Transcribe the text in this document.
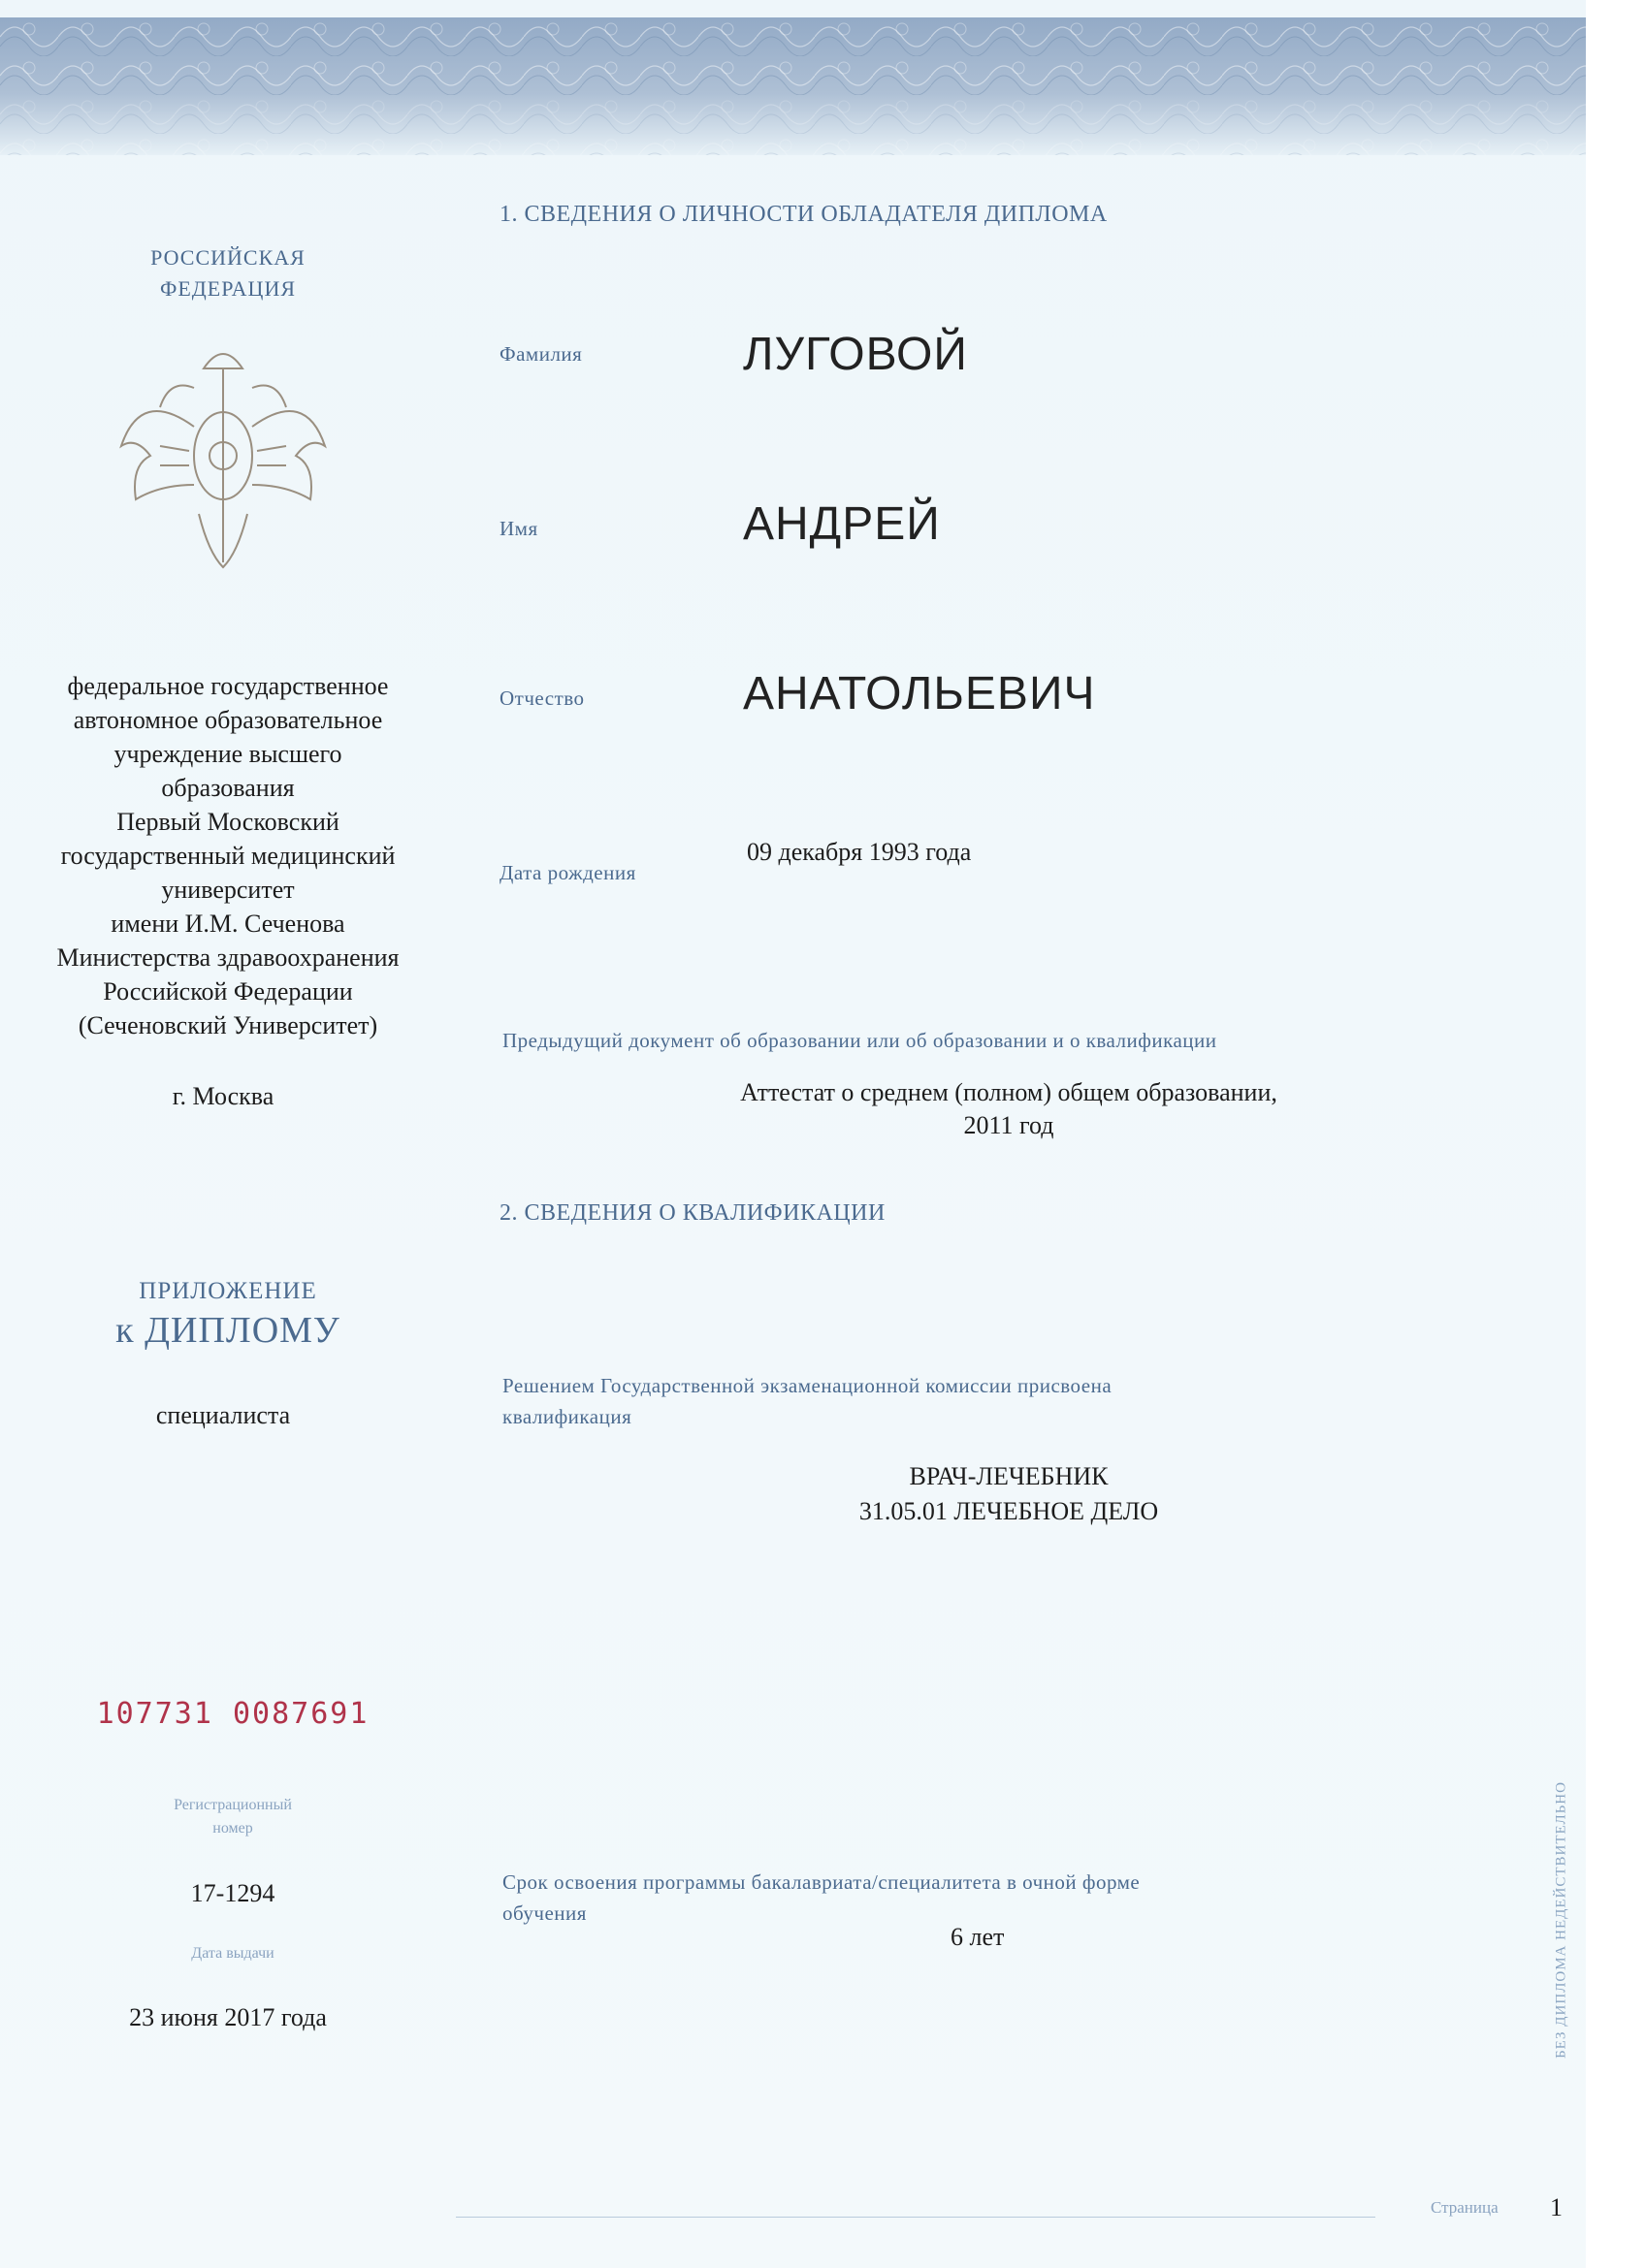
РОССИЙСКАЯ
ФЕДЕРАЦИЯ
федеральное государственное
автономное образовательное
учреждение высшего
образования
Первый Московский
государственный медицинский
университет
имени И.М. Сеченова
Министерства здравоохранения
Российской Федерации
(Сеченовский Университет)
г. Москва
ПРИЛОЖЕНИЕ
к ДИПЛОМУ
специалиста
107731 0087691
Регистрационный
номер
17-1294
Дата выдачи
23 июня 2017 года
1. СВЕДЕНИЯ О ЛИЧНОСТИ ОБЛАДАТЕЛЯ ДИПЛОМА
Фамилия	ЛУГОВОЙ
Имя	АНДРЕЙ
Отчество	АНАТОЛЬЕВИЧ
Дата рождения
09 декабря 1993 года
Предыдущий документ об образовании или об образовании и о квалификации
Аттестат о среднем (полном) общем образовании,
2011 год
2. СВЕДЕНИЯ О КВАЛИФИКАЦИИ
Решением Государственной экзаменационной комиссии присвоена
квалификация
ВРАЧ-ЛЕЧЕБНИК
31.05.01 ЛЕЧЕБНОЕ ДЕЛО
Срок освоения программы бакалавриата/специалитета в очной форме
обучения
6 лет	БЕЗ ДИПЛОМА НЕДЕЙСТВИТЕЛЬНО
Страница 1
